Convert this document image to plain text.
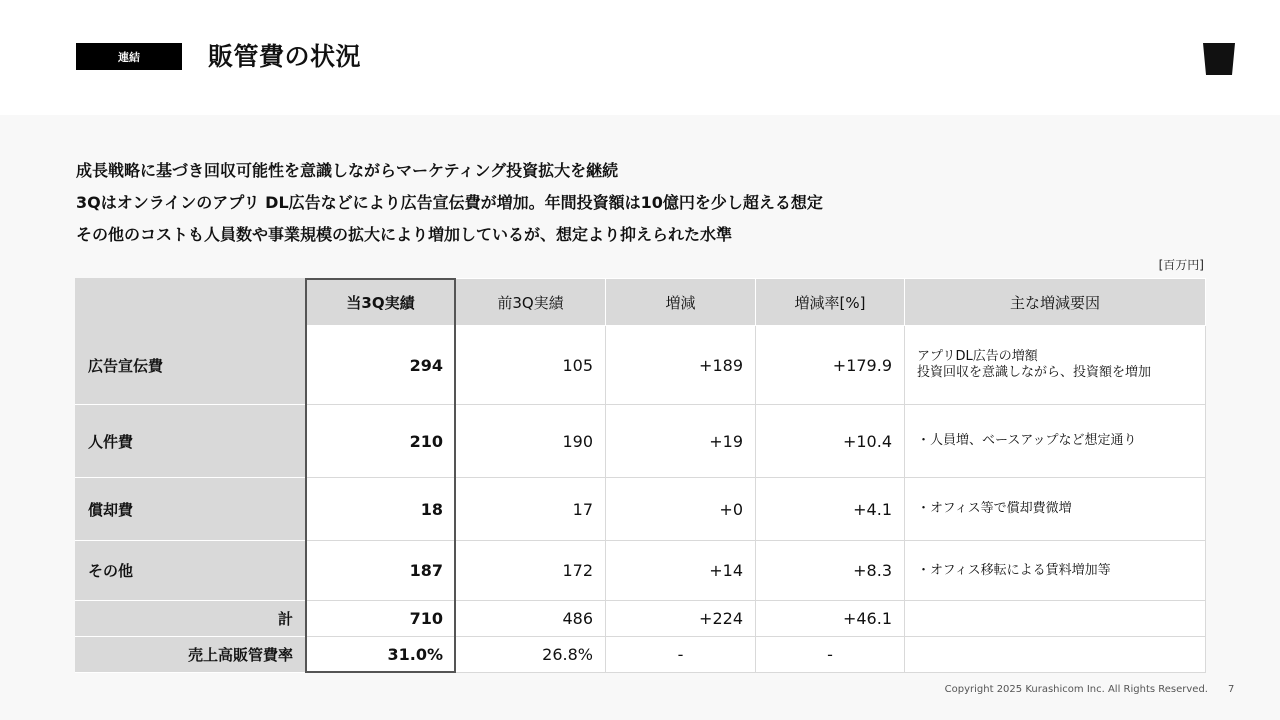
連結	販管費の状況
成長戦略に基づき回収可能性を意識しながらマーケティング投資拡大を継続
3Qはオンラインのアプリ DL広告などにより広告宣伝費が増加。年間投資額は10億円を少し超える想定
その他のコストも人員数や事業規模の拡大により増加しているが、想定より抑えられた水準
[百万円]
	当3Q実績	前3Q実績	増減	増減率[%]	主な増減要因
広告宣伝費	294	105	+189	+179.9	アプリDL広告の増額
投資回収を意識しながら、投資額を増加

人件費	210	190	+19	+10.4	・人員増、ベースアップなど想定通り

償却費	18	17	+0	+4.1	・オフィス等で償却費微増

その他	187	172	+14	+8.3	・オフィス移転による賃料増加等

計	710	486	+224	+46.1	
売上高販管費率	31.0%	26.8%	-	-	
Copyright 2025 Kurashicom Inc. All Rights Reserved. 7
